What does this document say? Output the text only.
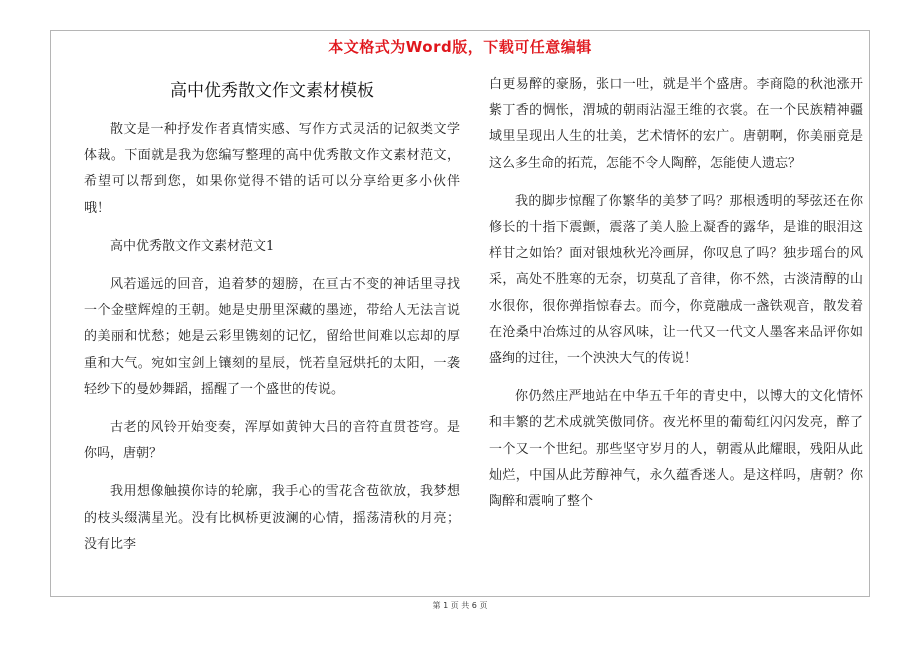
本文格式为Word版，下载可任意编辑
高中优秀散文作文素材模板

散文是一种抒发作者真情实感、写作方式灵活的记叙类文学体裁。下面就是我为您编写整理的高中优秀散文作文素材范文，希望可以帮到您，如果你觉得不错的话可以分享给更多小伙伴哦！

高中优秀散文作文素材范文1

风若遥远的回音，追着梦的翅膀，在亘古不变的神话里寻找一个金壁辉煌的王朝。她是史册里深藏的墨迹，带给人无法言说的美丽和忧愁；她是云彩里镌刻的记忆，留给世间难以忘却的厚重和大气。宛如宝剑上镶刻的星辰，恍若皇冠烘托的太阳，一袭轻纱下的曼妙舞蹈，摇醒了一个盛世的传说。

古老的风铃开始变奏，浑厚如黄钟大吕的音符直贯苍穹。是你吗，唐朝？

我用想像触摸你诗的轮廓，我手心的雪花含苞欲放，我梦想的枝头缀满星光。没有比枫桥更波澜的心情，摇荡清秋的月亮；没有比李

白更易醉的豪肠，张口一吐，就是半个盛唐。李商隐的秋池涨开紫丁香的惆怅，渭城的朝雨沾湿王维的衣裳。在一个民族精神疆域里呈现出人生的壮美，艺术情怀的宏广。唐朝啊，你美丽竟是这么多生命的拓荒，怎能不令人陶醉，怎能使人遗忘？

我的脚步惊醒了你繁华的美梦了吗？那根透明的琴弦还在你修长的十指下震颤，震落了美人脸上凝香的露华，是谁的眼泪这样甘之如饴？面对银烛秋光冷画屏，你叹息了吗？独步瑶台的风采，高处不胜寒的无奈，切莫乱了音律，你不然，古淡清醇的山水很你，很你弹指惊春去。而今，你竟融成一盏铁观音，散发着在沧桑中冶炼过的从容风味，让一代又一代文人墨客来品评你如盛绚的过往，一个泱泱大气的传说！

你仍然庄严地站在中华五千年的青史中，以博大的文化情怀和丰繁的艺术成就笑傲同侪。夜光杯里的葡萄红闪闪发亮，醉了一个又一个世纪。那些坚守岁月的人，朝霞从此耀眼，残阳从此灿烂，中国从此芳醇神气，永久蕴香迷人。是这样吗，唐朝？你陶醉和震响了整个

第 1 页 共 6 页
